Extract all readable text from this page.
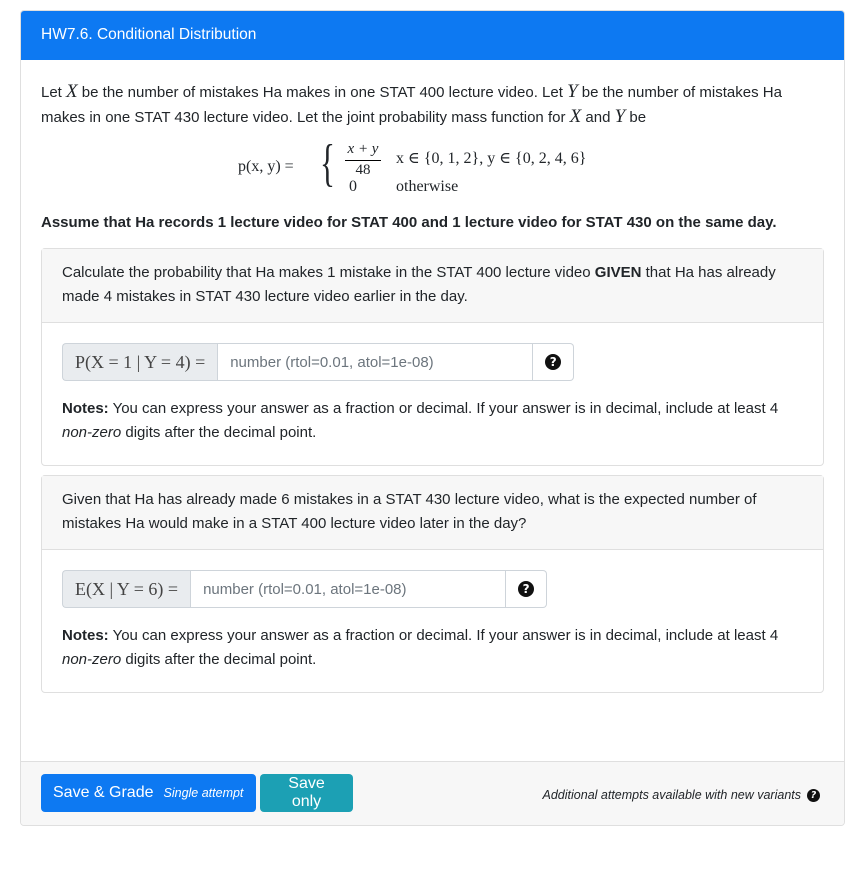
HW7.6. Conditional Distribution

Let X be the number of mistakes Ha makes in one STAT 400 lecture video. Let Y be the number of mistakes Ha makes in one STAT 430 lecture video. Let the joint probability mass function for X and Y be

p(x, y) = { x + y
48
0
x ∈ {0, 1, 2}, y ∈ {0, 2, 4, 6}
otherwise

Assume that Ha records 1 lecture video for STAT 400 and 1 lecture video for STAT 430 on the same day.

Calculate the probability that Ha makes 1 mistake in the STAT 400 lecture video GIVEN that Ha has already made 4 mistakes in STAT 430 lecture video earlier in the day.
P(X = 1 | Y = 4) =
number (rtol=0.01, atol=1e-08)	?
Notes: You can express your answer as a fraction or decimal. If your answer is in decimal, include at least 4 non-zero digits after the decimal point.
Given that Ha has already made 6 mistakes in a STAT 430 lecture video, what is the expected number of mistakes Ha would make in a STAT 400 lecture video later in the day?
E(X | Y = 6) =
number (rtol=0.01, atol=1e-08)	?
Notes: You can express your answer as a fraction or decimal. If your answer is in decimal, include at least 4 non-zero digits after the decimal point.
Save & Grade Single attempt
Save only	Additional attempts available with new variants	?
